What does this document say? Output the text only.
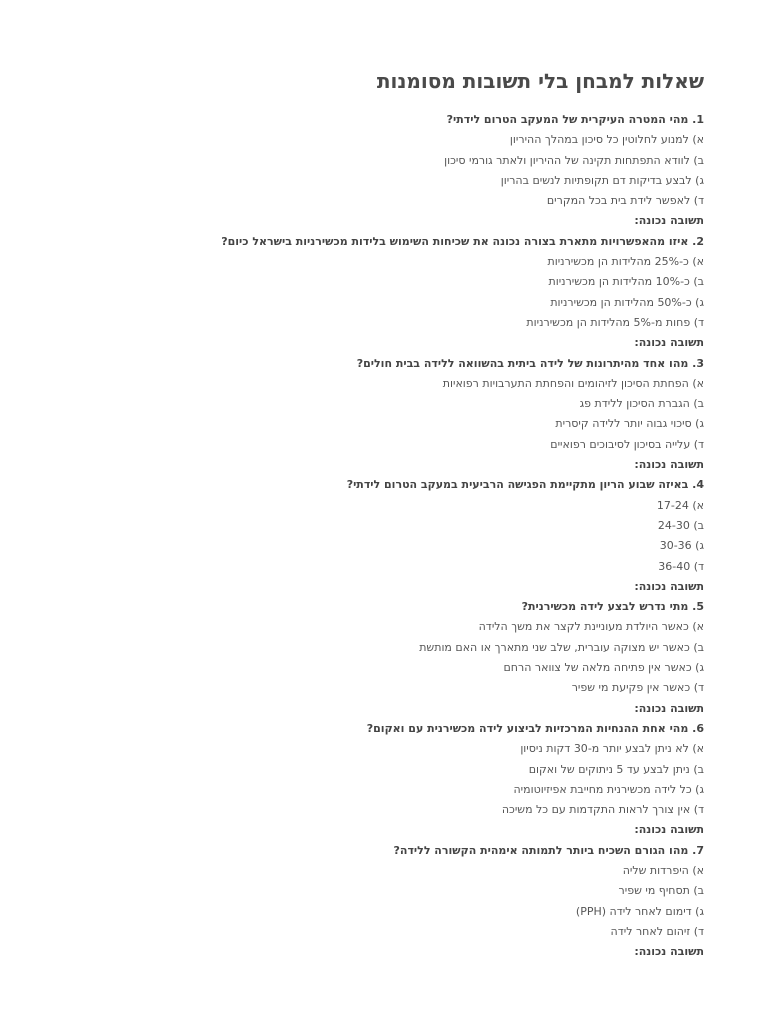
שאלות למבחן בלי תשובות מסומנות
1. מהי המטרה העיקרית של המעקב הטרום לידתי?
א) למנוע לחלוטין כל סיכון במהלך ההיריון
ב) לוודא התפתחות תקינה של ההיריון ולאתר גורמי סיכון
ג) לבצע בדיקות דם תקופתיות לנשים בהריון
ד) לאפשר לידת בית בכל המקרים
תשובה נכונה:
2. איזו מהאפשרויות מתארת בצורה נכונה את שכיחות השימוש בלידות מכשירניות בישראל כיום?
א) כ-25% מהלידות הן מכשירניות
ב) כ-10% מהלידות הן מכשירניות
ג) כ-50% מהלידות הן מכשירניות
ד) פחות מ-5% מהלידות הן מכשירניות
תשובה נכונה:
3. מהו אחד מהיתרונות של לידה ביתית בהשוואה ללידה בבית חולים?
א) הפחתת הסיכון לזיהומים והפחתת התערבויות רפואיות
ב) הגברת הסיכון ללידת פג
ג) סיכוי גבוה יותר ללידה קיסרית
ד) עלייה בסיכון לסיבוכים רפואיים
תשובה נכונה:
4. באיזה שבוע הריון מתקיימת הפגישה הרביעית במעקב הטרום לידתי?
א) 17-24
ב) 24-30
ג) 30-36
ד) 36-40
תשובה נכונה:
5. מתי נדרש לבצע לידה מכשירנית?
א) כאשר היולדת מעוניינת לקצר את משך הלידה
ב) כאשר יש מצוקה עוברית, שלב שני מתארך או האם מותשת
ג) כאשר אין פתיחה מלאה של צוואר הרחם
ד) כאשר אין פקיעת מי שפיר
תשובה נכונה:
6. מהי אחת ההנחיות המרכזיות לביצוע לידה מכשירנית עם ואקום?
א) לא ניתן לבצע יותר מ-30 דקות ניסיון
ב) ניתן לבצע עד 5 ניתוקים של ואקום
ג) כל לידה מכשירנית מחייבת אפיזיוטומיה
ד) אין צורך לראות התקדמות עם כל משיכה
תשובה נכונה:
7. מהו הגורם השכיח ביותר לתמותה אימהית הקשורה ללידה?
א) היפרדות שליה
ב) תסחיף מי שפיר
ג) דימום לאחר לידה (PPH)
ד) זיהום לאחר לידה
תשובה נכונה:
